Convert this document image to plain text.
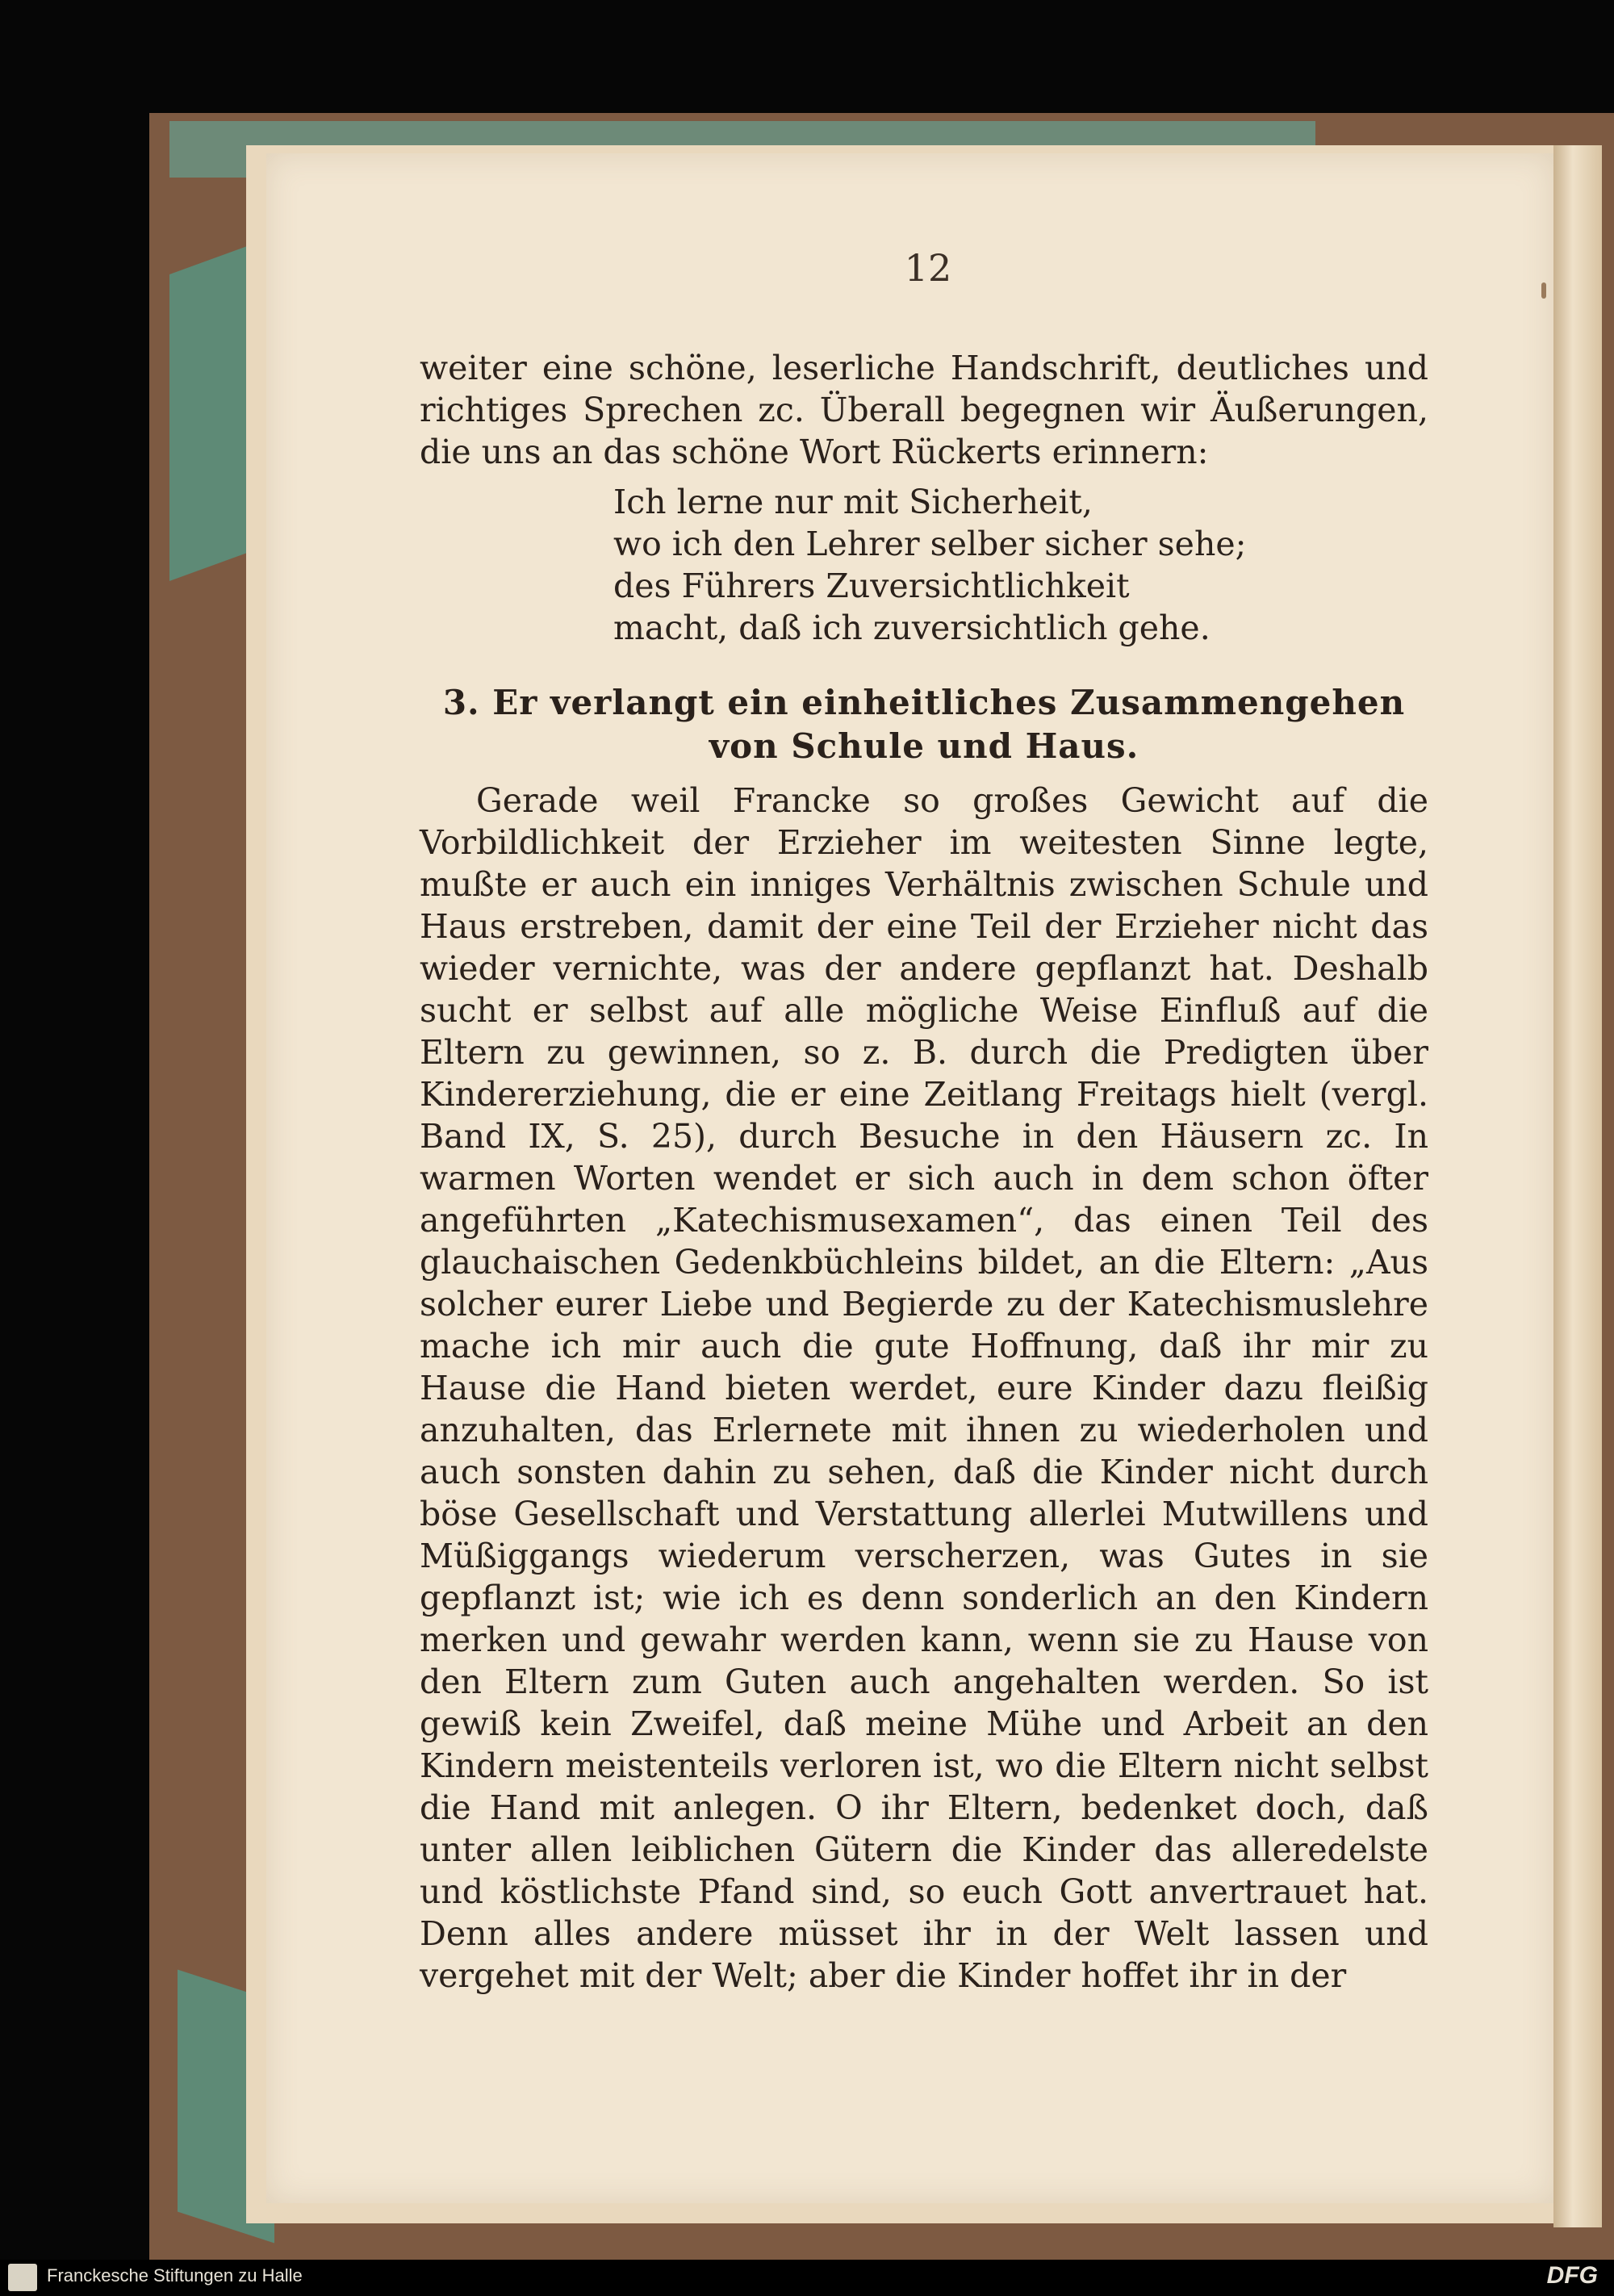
12

weiter eine schöne, leserliche Handschrift, deutliches und richtiges Sprechen zc. Überall begegnen wir Äußerungen, die uns an das schöne Wort Rückerts erinnern:

Ich lerne nur mit Sicherheit,
wo ich den Lehrer selber sicher sehe;
des Führers Zuversichtlichkeit
macht, daß ich zuversichtlich gehe.
3. Er verlangt ein einheitliches Zusammengehen
von Schule und Haus.

Gerade weil Francke so großes Gewicht auf die Vorbildlichkeit der Erzieher im weitesten Sinne legte, mußte er auch ein inniges Verhältnis zwischen Schule und Haus erstreben, damit der eine Teil der Erzieher nicht das wieder vernichte, was der andere gepflanzt hat. Deshalb sucht er selbst auf alle mögliche Weise Einfluß auf die Eltern zu gewinnen, so z. B. durch die Predigten über Kindererziehung, die er eine Zeitlang Freitags hielt (vergl. Band IX, S. 25), durch Besuche in den Häusern zc. In warmen Worten wendet er sich auch in dem schon öfter angeführten „Katechismusexamen“, das einen Teil des glauchaischen Gedenkbüchleins bildet, an die Eltern: „Aus solcher eurer Liebe und Begierde zu der Katechismuslehre mache ich mir auch die gute Hoffnung, daß ihr mir zu Hause die Hand bieten werdet, eure Kinder dazu fleißig anzuhalten, das Erlernete mit ihnen zu wiederholen und auch sonsten dahin zu sehen, daß die Kinder nicht durch böse Gesellschaft und Verstattung allerlei Mutwillens und Müßiggangs wiederum verscherzen, was Gutes in sie gepflanzt ist; wie ich es denn sonderlich an den Kindern merken und gewahr werden kann, wenn sie zu Hause von den Eltern zum Guten auch angehalten werden. So ist gewiß kein Zweifel, daß meine Mühe und Arbeit an den Kindern meistenteils verloren ist, wo die Eltern nicht selbst die Hand mit anlegen. O ihr Eltern, bedenket doch, daß unter allen leiblichen Gütern die Kinder das alleredelste und köstlichste Pfand sind, so euch Gott anvertrauet hat. Denn alles andere müsset ihr in der Welt lassen und vergehet mit der Welt; aber die Kinder hoffet ihr in der

Franckesche Stiftungen zu Halle	DFG
